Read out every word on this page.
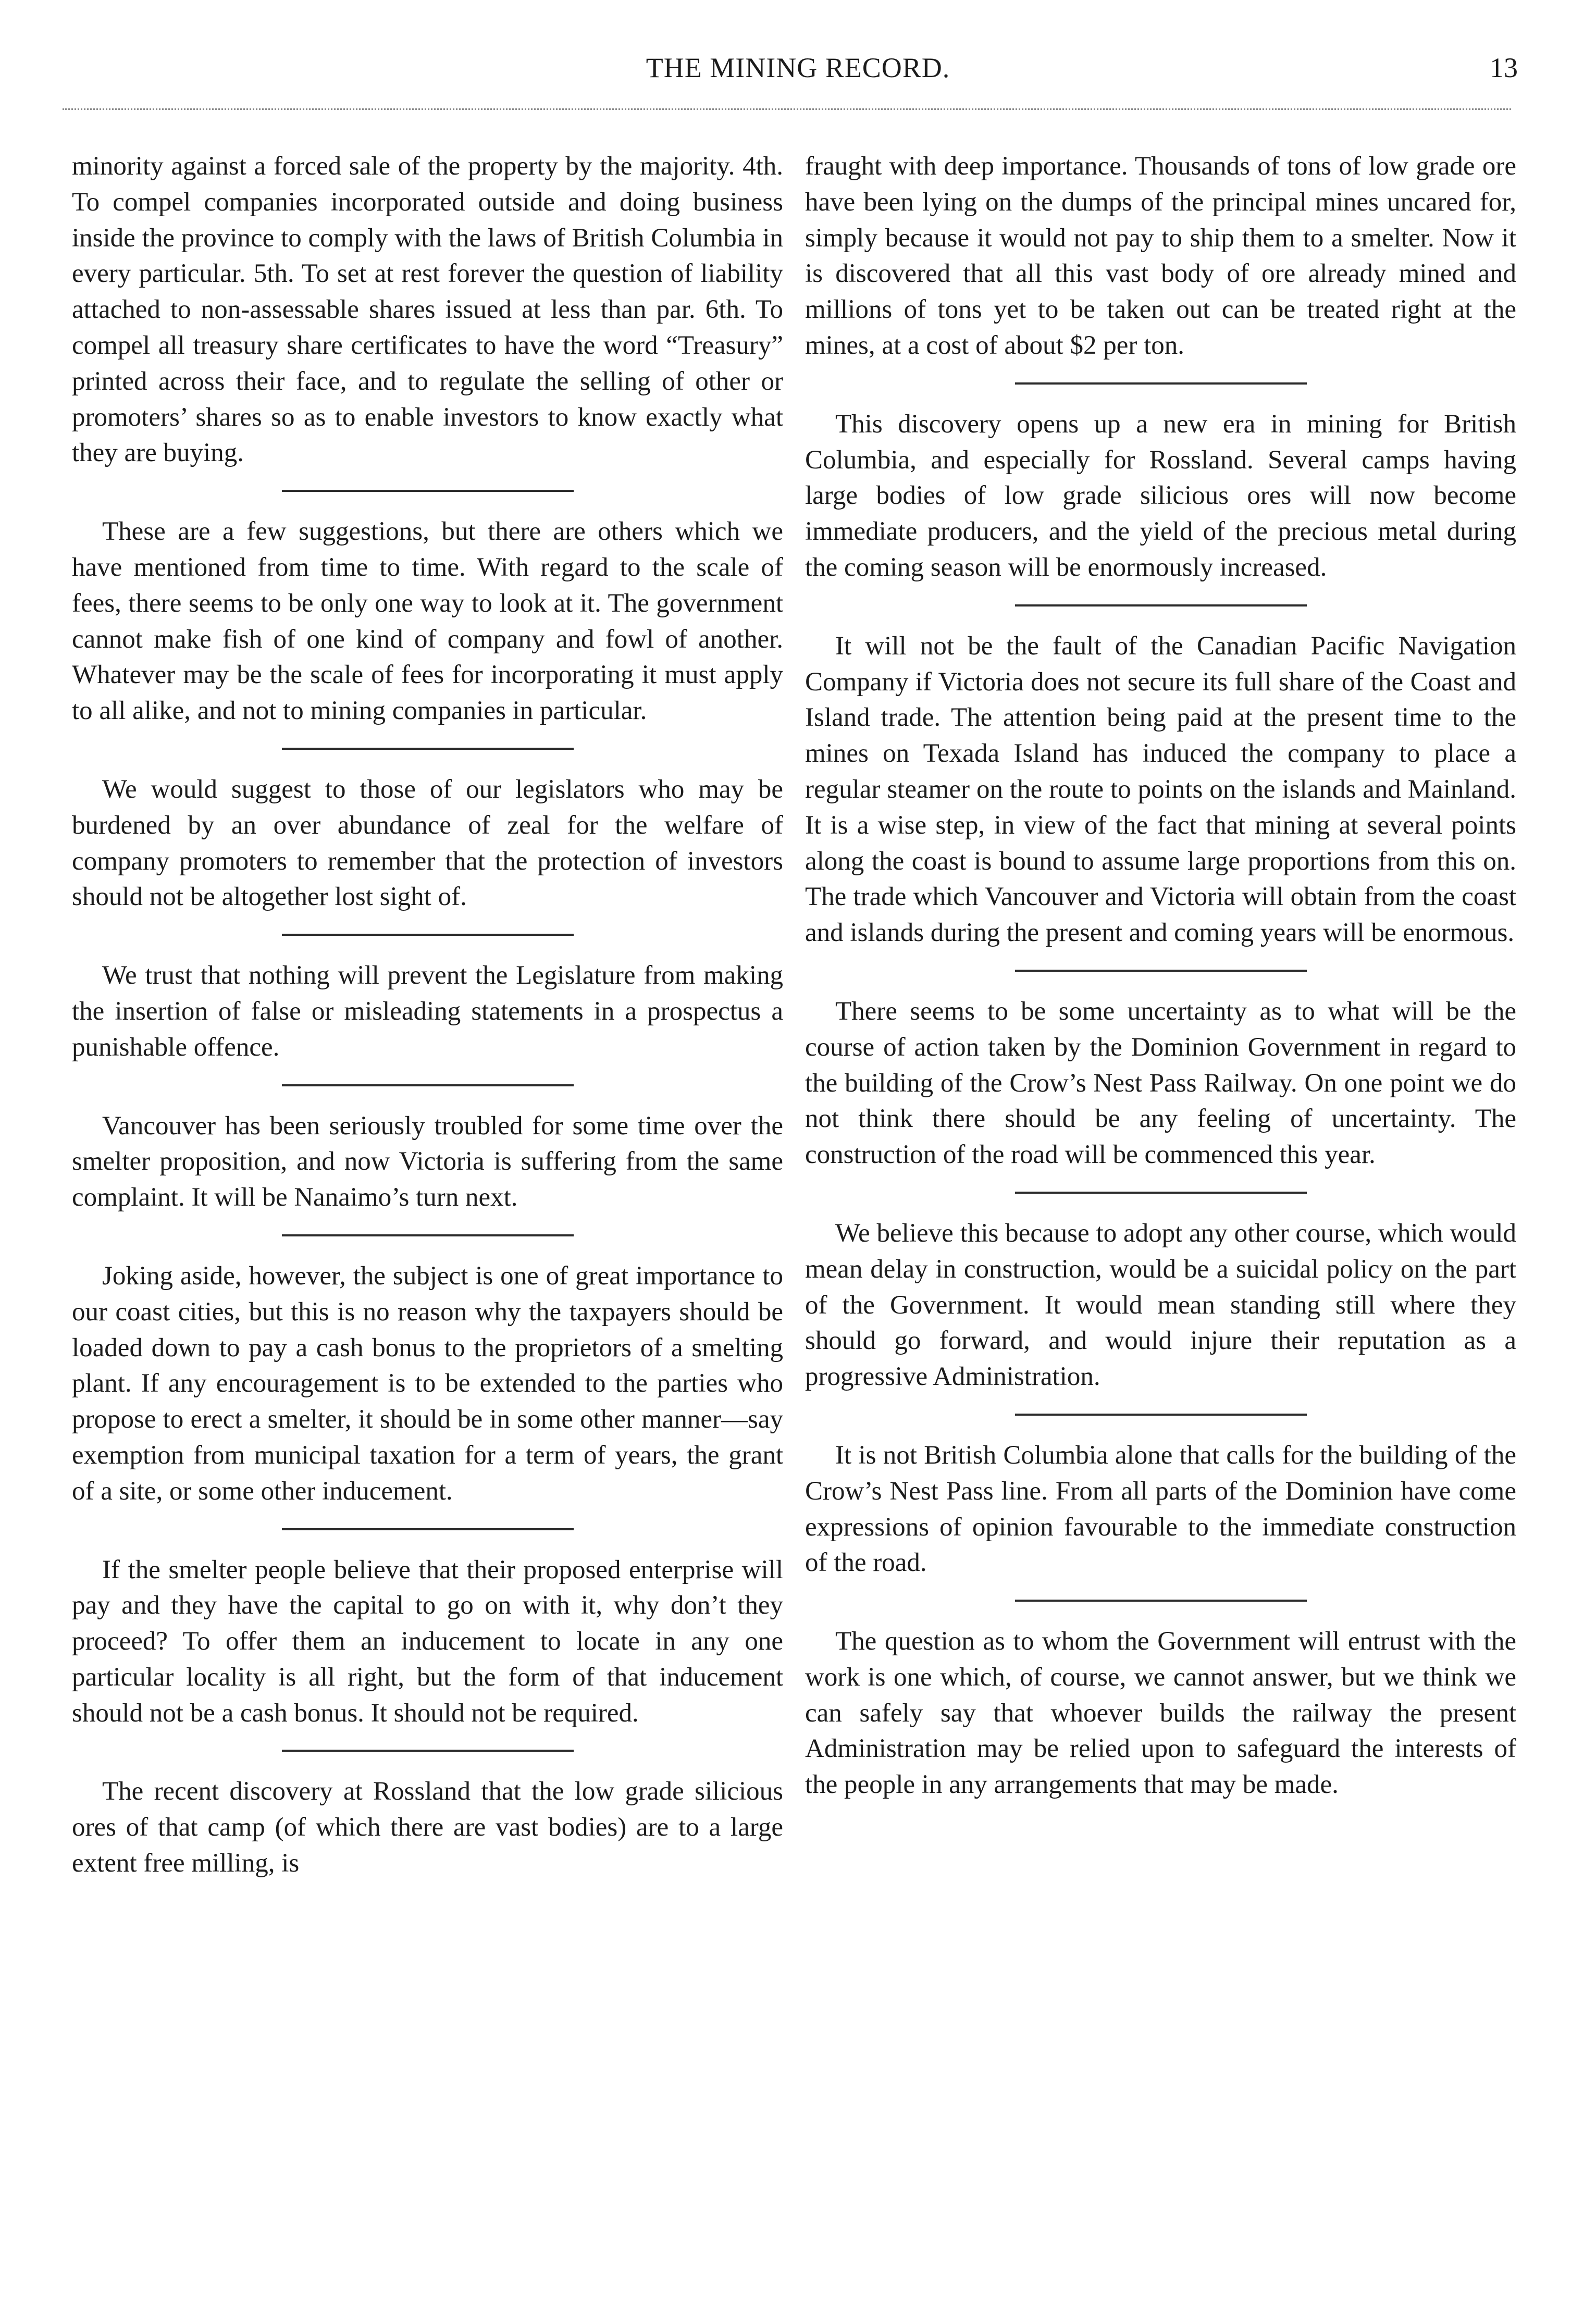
THE MINING RECORD.	13

minority against a forced sale of the property by the majority. 4th. To compel companies incorporated outside and doing business inside the province to comply with the laws of British Columbia in every particular. 5th. To set at rest forever the question of liability attached to non-assessable shares issued at less than par. 6th. To compel all treasury share certificates to have the word “Treasury” printed across their face, and to regulate the selling of other or promoters’ shares so as to enable investors to know exactly what they are buying.

These are a few suggestions, but there are others which we have mentioned from time to time. With regard to the scale of fees, there seems to be only one way to look at it. The government cannot make fish of one kind of company and fowl of another. Whatever may be the scale of fees for incorporating it must apply to all alike, and not to mining companies in particular.

We would suggest to those of our legislators who may be burdened by an over abundance of zeal for the welfare of company promoters to remember that the protection of investors should not be altogether lost sight of.

We trust that nothing will prevent the Legislature from making the insertion of false or misleading statements in a prospectus a punishable offence.

Vancouver has been seriously troubled for some time over the smelter proposition, and now Victoria is suffering from the same complaint. It will be Nanaimo’s turn next.

Joking aside, however, the subject is one of great importance to our coast cities, but this is no reason why the taxpayers should be loaded down to pay a cash bonus to the proprietors of a smelting plant. If any encouragement is to be extended to the parties who propose to erect a smelter, it should be in some other manner—say exemption from municipal taxation for a term of years, the grant of a site, or some other inducement.

If the smelter people believe that their proposed enterprise will pay and they have the capital to go on with it, why don’t they proceed? To offer them an inducement to locate in any one particular locality is all right, but the form of that inducement should not be a cash bonus. It should not be required.

The recent discovery at Rossland that the low grade silicious ores of that camp (of which there are vast bodies) are to a large extent free milling, is

fraught with deep importance. Thousands of tons of low grade ore have been lying on the dumps of the principal mines uncared for, simply because it would not pay to ship them to a smelter. Now it is discovered that all this vast body of ore already mined and millions of tons yet to be taken out can be treated right at the mines, at a cost of about $2 per ton.

This discovery opens up a new era in mining for British Columbia, and especially for Rossland. Several camps having large bodies of low grade silicious ores will now become immediate producers, and the yield of the precious metal during the coming season will be enormously increased.

It will not be the fault of the Canadian Pacific Navigation Company if Victoria does not secure its full share of the Coast and Island trade. The attention being paid at the present time to the mines on Texada Island has induced the company to place a regular steamer on the route to points on the islands and Mainland. It is a wise step, in view of the fact that mining at several points along the coast is bound to assume large proportions from this on. The trade which Vancouver and Victoria will obtain from the coast and islands during the present and coming years will be enormous.

There seems to be some uncertainty as to what will be the course of action taken by the Dominion Government in regard to the building of the Crow’s Nest Pass Railway. On one point we do not think there should be any feeling of uncertainty. The construction of the road will be commenced this year.

We believe this because to adopt any other course, which would mean delay in construction, would be a suicidal policy on the part of the Government. It would mean standing still where they should go forward, and would injure their reputation as a progressive Administration.

It is not British Columbia alone that calls for the building of the Crow’s Nest Pass line. From all parts of the Dominion have come expressions of opinion favourable to the immediate construction of the road.

The question as to whom the Government will entrust with the work is one which, of course, we cannot answer, but we think we can safely say that whoever builds the railway the present Administration may be relied upon to safeguard the interests of the people in any arrangements that may be made.
